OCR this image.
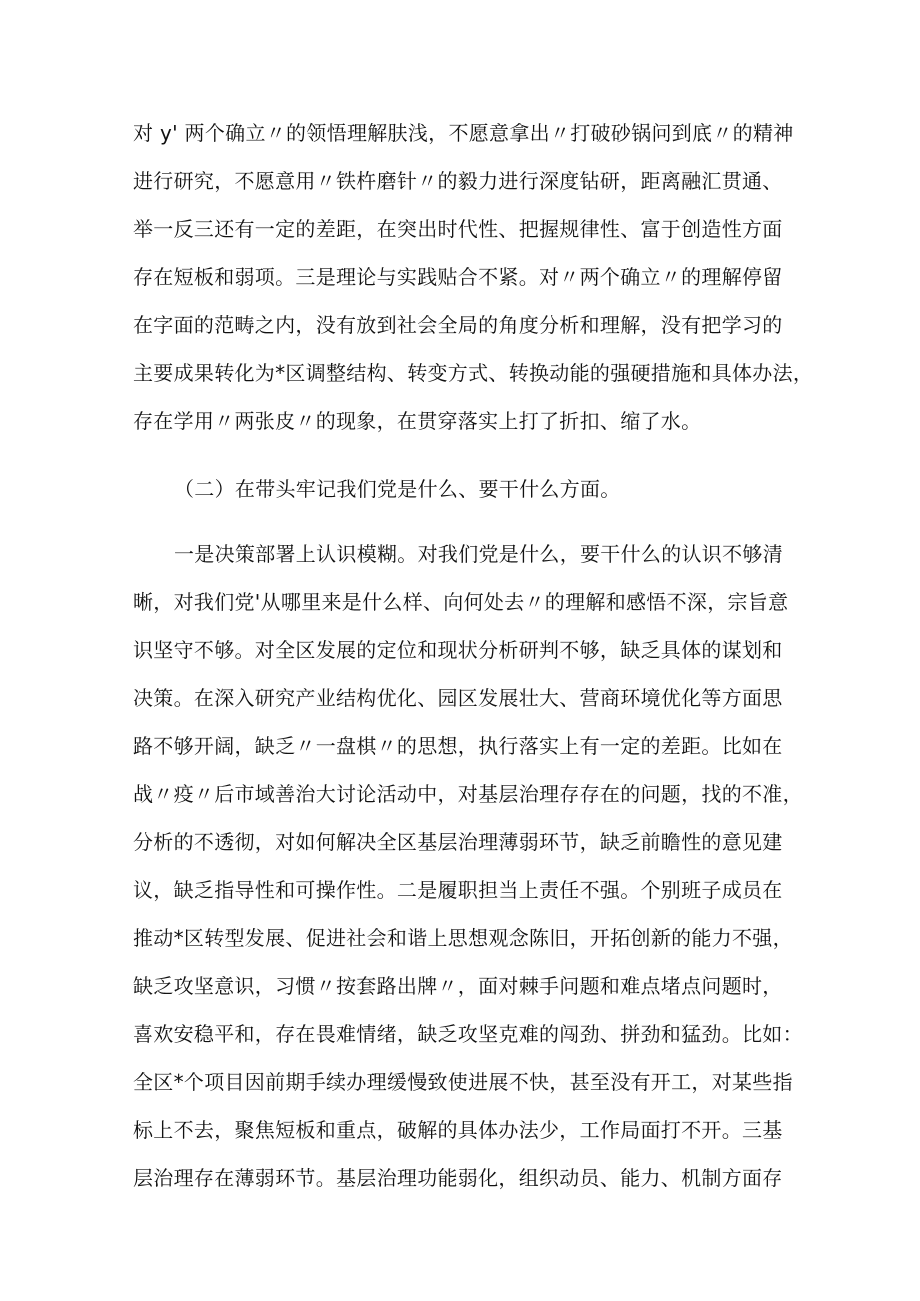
对 y' 两个确立〃的领悟理解肤浅，不愿意拿出〃打破砂锅问到底〃的精神
进行研究，不愿意用〃铁杵磨针〃的毅力进行深度钻研，距离融汇贯通、
举一反三还有一定的差距，在突出时代性、把握规律性、富于创造性方面
存在短板和弱项。三是理论与实践贴合不紧。对〃两个确立〃的理解停留
在字面的范畴之内，没有放到社会全局的角度分析和理解，没有把学习的
主要成果转化为*区调整结构、转变方式、转换动能的强硬措施和具体办法，
存在学用〃两张皮〃的现象，在贯穿落实上打了折扣、缩了水。
（二）在带头牢记我们党是什么、要干什么方面。
一是决策部署上认识模糊。对我们党是什么，要干什么的认识不够清
晰，对我们党'从哪里来是什么样、向何处去〃的理解和感悟不深，宗旨意
识坚守不够。对全区发展的定位和现状分析研判不够，缺乏具体的谋划和
决策。在深入研究产业结构优化、园区发展壮大、营商环境优化等方面思
路不够开阔，缺乏〃一盘棋〃的思想，执行落实上有一定的差距。比如在
战〃疫〃后市域善治大讨论活动中，对基层治理存存在的问题，找的不准，
分析的不透彻，对如何解决全区基层治理薄弱环节，缺乏前瞻性的意见建
议，缺乏指导性和可操作性。二是履职担当上责任不强。个别班子成员在
推动*区转型发展、促进社会和谐上思想观念陈旧，开拓创新的能力不强，
缺乏攻坚意识，习惯〃按套路出牌〃，面对棘手问题和难点堵点问题时，
喜欢安稳平和，存在畏难情绪，缺乏攻坚克难的闯劲、拼劲和猛劲。比如：
全区*个项目因前期手续办理缓慢致使进展不快，甚至没有开工，对某些指
标上不去，聚焦短板和重点，破解的具体办法少，工作局面打不开。三基
层治理存在薄弱环节。基层治理功能弱化，组织动员、能力、机制方面存
